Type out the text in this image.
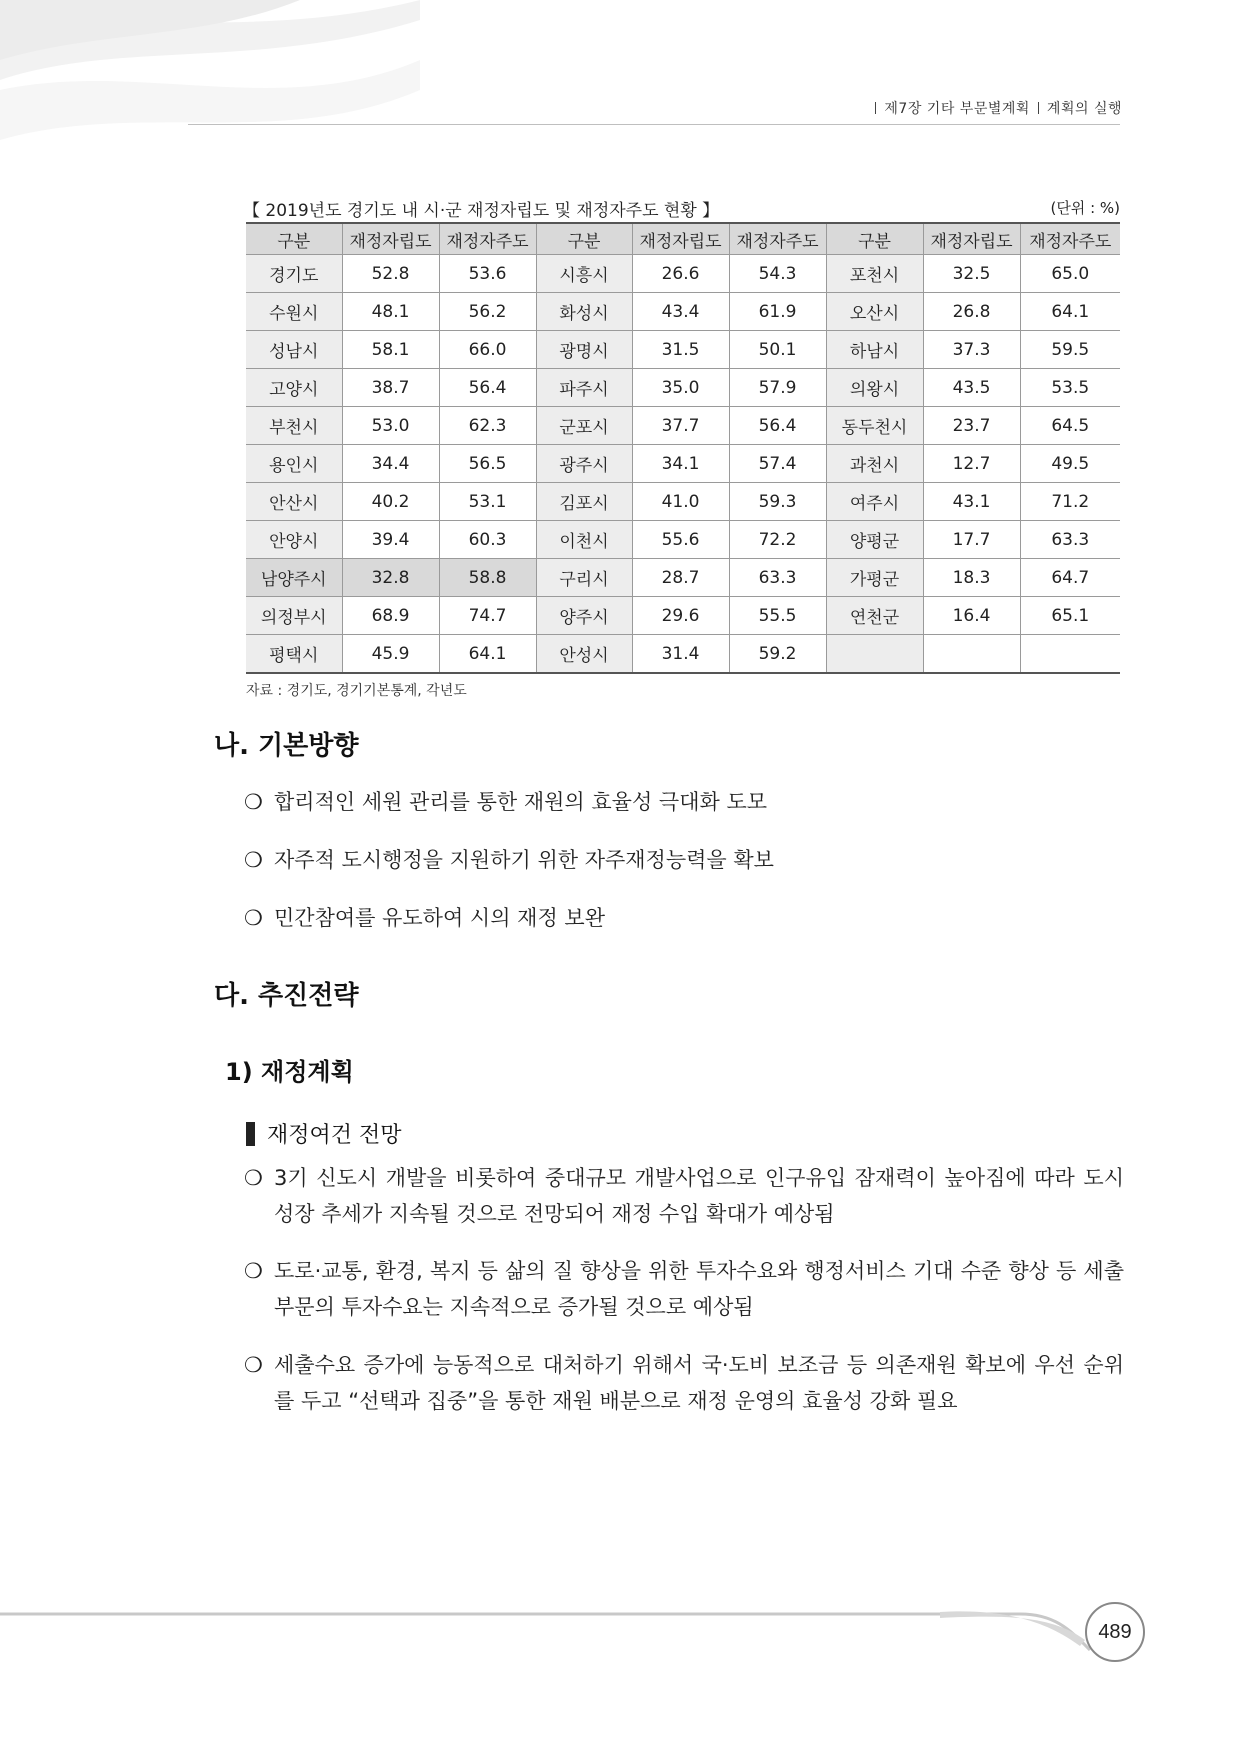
제7장 기타 부문별계획 계획의 실행
【 2019년도 경기도 내 시·군 재정자립도 및 재정자주도 현황 】	(단위 : %)
구분	재정자립도	재정자주도	구분	재정자립도	재정자주도	구분	재정자립도	재정자주도
경기도	52.8	53.6	시흥시	26.6	54.3	포천시	32.5	65.0
수원시	48.1	56.2	화성시	43.4	61.9	오산시	26.8	64.1
성남시	58.1	66.0	광명시	31.5	50.1	하남시	37.3	59.5
고양시	38.7	56.4	파주시	35.0	57.9	의왕시	43.5	53.5
부천시	53.0	62.3	군포시	37.7	56.4	동두천시	23.7	64.5
용인시	34.4	56.5	광주시	34.1	57.4	과천시	12.7	49.5
안산시	40.2	53.1	김포시	41.0	59.3	여주시	43.1	71.2
안양시	39.4	60.3	이천시	55.6	72.2	양평군	17.7	63.3
남양주시	32.8	58.8	구리시	28.7	63.3	가평군	18.3	64.7
의정부시	68.9	74.7	양주시	29.6	55.5	연천군	16.4	65.1
평택시	45.9	64.1	안성시	31.4	59.2			
자료 : 경기도, 경기기본통계, 각년도
나. 기본방향
❍ 합리적인 세원 관리를 통한 재원의 효율성 극대화 도모
❍ 자주적 도시행정을 지원하기 위한 자주재정능력을 확보
❍ 민간참여를 유도하여 시의 재정 보완
다. 추진전략
1) 재정계획
재정여건 전망
❍ 3기 신도시 개발을 비롯하여 중대규모 개발사업으로 인구유입 잠재력이 높아짐에 따라 도시성장 추세가 지속될 것으로 전망되어 재정 수입 확대가 예상됨
❍ 도로·교통, 환경, 복지 등 삶의 질 향상을 위한 투자수요와 행정서비스 기대 수준 향상 등 세출 부문의 투자수요는 지속적으로 증가될 것으로 예상됨
❍ 세출수요 증가에 능동적으로 대처하기 위해서 국·도비 보조금 등 의존재원 확보에 우선 순위를 두고 “선택과 집중”을 통한 재원 배분으로 재정 운영의 효율성 강화 필요
489
